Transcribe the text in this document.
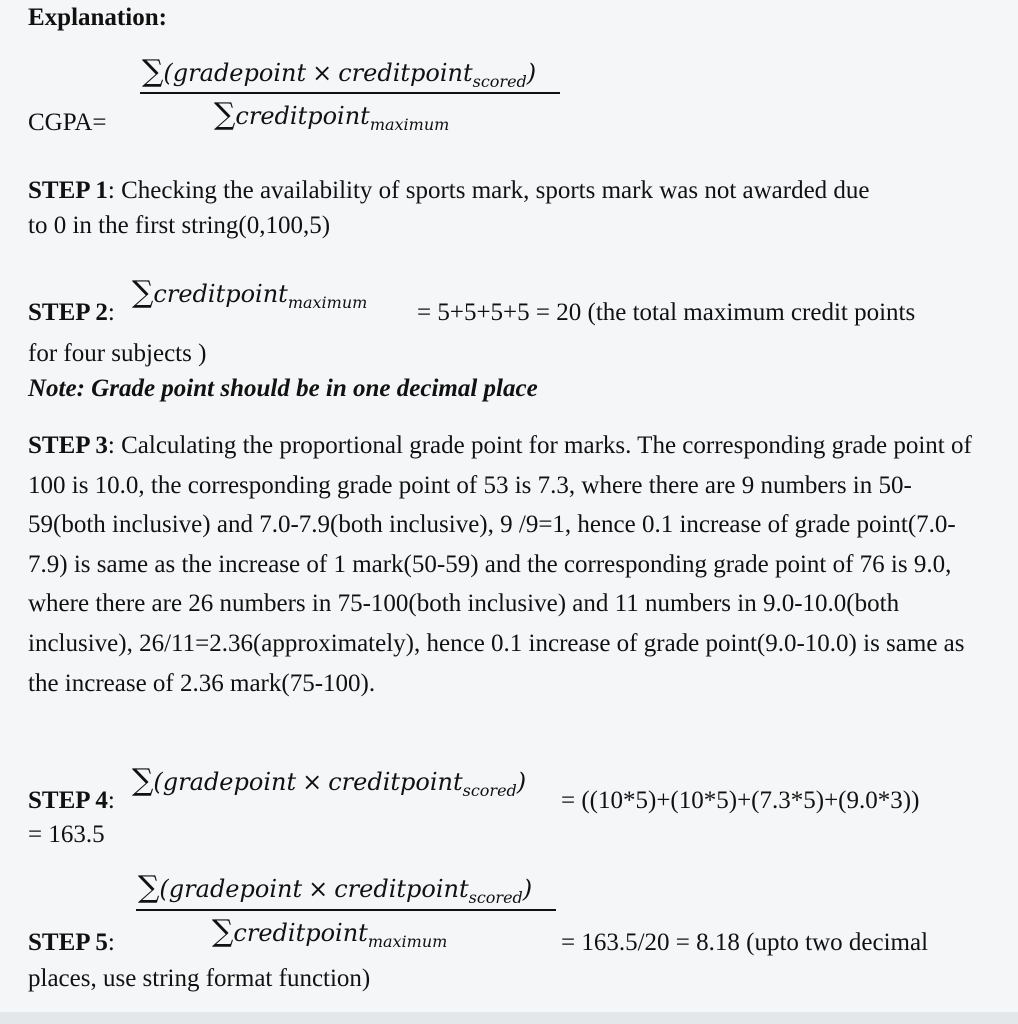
Explanation:
∑(gradepoint × creditpoint$_{scored}$)
∑creditpoint$_{maximum}$
CGPA=
STEP 1: Checking the availability of sports mark, sports mark was not awarded due
to 0 in the first string(0,100,5)
STEP 2:
∑creditpoint$_{maximum}$ = 5+5+5+5 = 20 (the total maximum credit points
for four subjects )
Note: Grade point should be in one decimal place
STEP 3: Calculating the proportional grade point for marks. The corresponding grade point of 100 is 10.0, the corresponding grade point of 53 is 7.3, where there are 9 numbers in 50-59(both inclusive) and 7.0-7.9(both inclusive), 9 /9=1, hence 0.1 increase of grade point(7.0-7.9) is same as the increase of 1 mark(50-59) and the corresponding grade point of 76 is 9.0, where there are 26 numbers in 75-100(both inclusive) and 11 numbers in 9.0-10.0(both inclusive), 26/11=2.36(approximately), hence 0.1 increase of grade point(9.0-10.0) is same as the increase of 2.36 mark(75-100).
∑(gradepoint × creditpoint$_{scored}$)
STEP 4:	= ((10*5)+(10*5)+(7.3*5)+(9.0*3))
= 163.5
∑(gradepoint × creditpoint$_{scored}$)
∑creditpoint$_{maximum}$
STEP 5:	= 163.5/20 = 8.18 (upto two decimal
places, use string format function)
